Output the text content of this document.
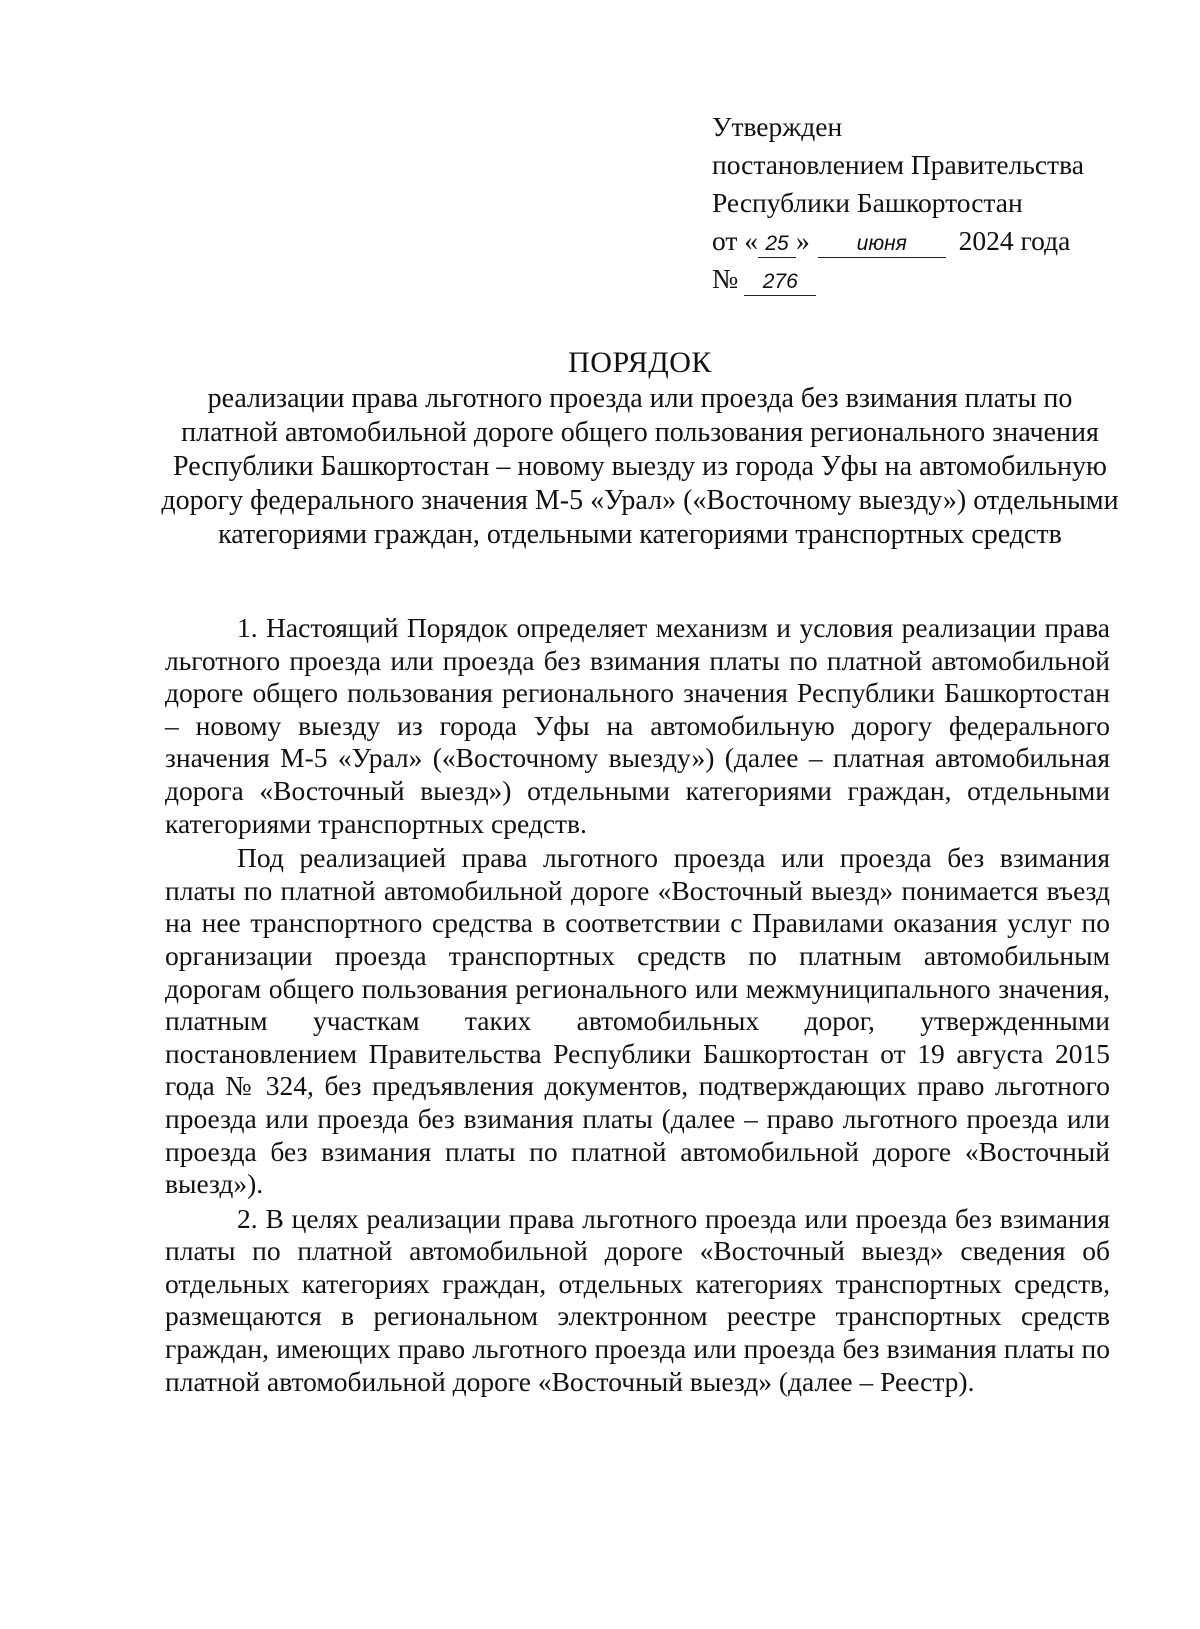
Утвержден
постановлением Правительства
Республики Башкортостан
от « 25 » июня 2024 года
№ 276
ПОРЯДОК
реализации права льготного проезда или проезда без взимания платы по платной автомобильной дороге общего пользования регионального значения Республики Башкортостан – новому выезду из города Уфы на автомобильную дорогу федерального значения М-5 «Урал» («Восточному выезду») отдельными категориями граждан, отдельными категориями транспортных средств

1. Настоящий Порядок определяет механизм и условия реализации права льготного проезда или проезда без взимания платы по платной автомобильной дороге общего пользования регионального значения Республики Башкортостан – новому выезду из города Уфы на автомобильную дорогу федерального значения М-5 «Урал» («Восточному выезду») (далее – платная автомобильная дорога «Восточный выезд») отдельными категориями граждан, отдельными категориями транспортных средств.

Под реализацией права льготного проезда или проезда без взимания платы по платной автомобильной дороге «Восточный выезд» понимается въезд на нее транспортного средства в соответствии с Правилами оказания услуг по организации проезда транспортных средств по платным автомобильным дорогам общего пользования регионального или межмуниципального значения, платным участкам таких автомобильных дорог, утвержденными постановлением Правительства Республики Башкортостан от 19 августа 2015 года № 324, без предъявления документов, подтверждающих право льготного проезда или проезда без взимания платы (далее – право льготного проезда или проезда без взимания платы по платной автомобильной дороге «Восточный выезд»).

2. В целях реализации права льготного проезда или проезда без взимания платы по платной автомобильной дороге «Восточный выезд» сведения об отдельных категориях граждан, отдельных категориях транспортных средств, размещаются в региональном электронном реестре транспортных средств граждан, имеющих право льготного проезда или проезда без взимания платы по платной автомобильной дороге «Восточный выезд» (далее – Реестр).
